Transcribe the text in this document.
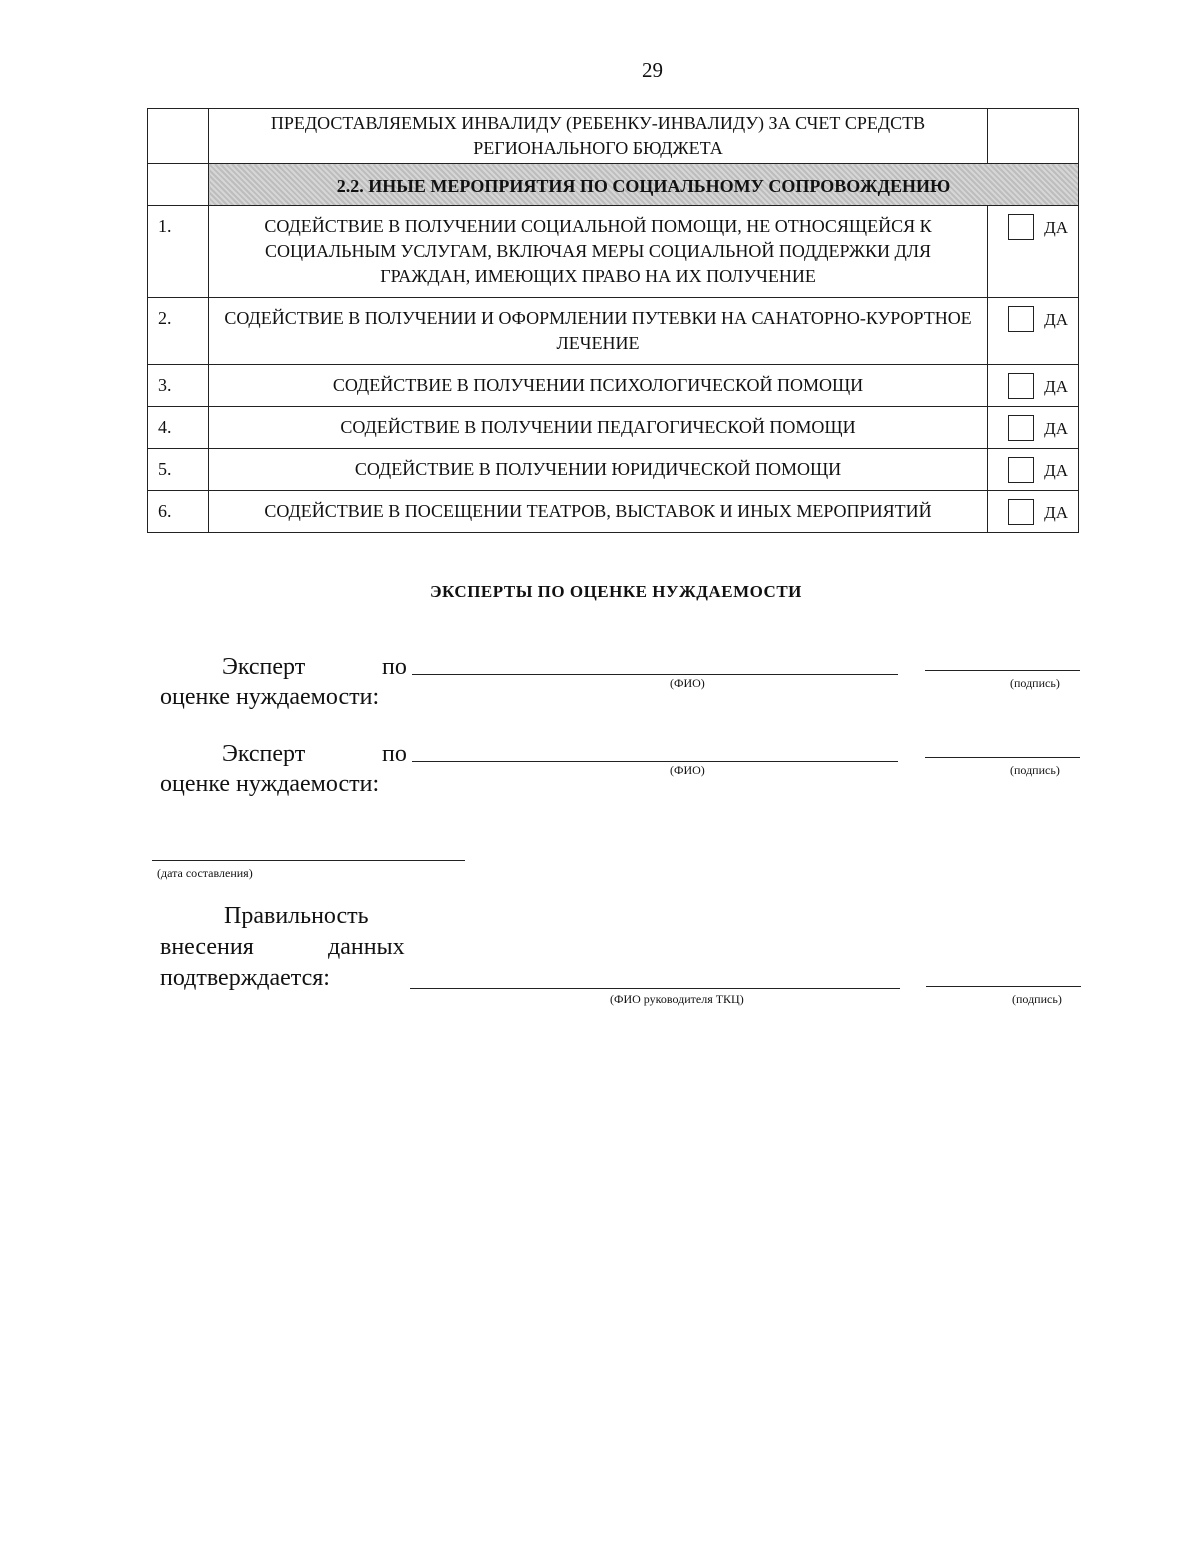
29
	ПРЕДОСТАВЛЯЕМЫХ ИНВАЛИДУ (РЕБЕНКУ-ИНВАЛИДУ) ЗА СЧЕТ СРЕДСТВ РЕГИОНАЛЬНОГО БЮДЖЕТА	
	2.2. ИНЫЕ МЕРОПРИЯТИЯ ПО СОЦИАЛЬНОМУ СОПРОВОЖДЕНИЮ	
1.	СОДЕЙСТВИЕ В ПОЛУЧЕНИИ СОЦИАЛЬНОЙ ПОМОЩИ, НЕ ОТНОСЯЩЕЙСЯ К СОЦИАЛЬНЫМ УСЛУГАМ, ВКЛЮЧАЯ МЕРЫ СОЦИАЛЬНОЙ ПОДДЕРЖКИ ДЛЯ ГРАЖДАН, ИМЕЮЩИХ ПРАВО НА ИХ ПОЛУЧЕНИЕ	ДА

2.	СОДЕЙСТВИЕ В ПОЛУЧЕНИИ И ОФОРМЛЕНИИ ПУТЕВКИ НА САНАТОРНО-КУРОРТНОЕ ЛЕЧЕНИЕ	ДА

3.	СОДЕЙСТВИЕ В ПОЛУЧЕНИИ ПСИХОЛОГИЧЕСКОЙ ПОМОЩИ	ДА

4.	СОДЕЙСТВИЕ В ПОЛУЧЕНИИ ПЕДАГОГИЧЕСКОЙ ПОМОЩИ	ДА

5.	СОДЕЙСТВИЕ В ПОЛУЧЕНИИ ЮРИДИЧЕСКОЙ ПОМОЩИ	ДА

6.	СОДЕЙСТВИЕ В ПОСЕЩЕНИИ ТЕАТРОВ, ВЫСТАВОК И ИНЫХ МЕРОПРИЯТИЙ	ДА
ЭКСПЕРТЫ ПО ОЦЕНКЕ НУЖДАЕМОСТИ
Эксперт	по
оценке нуждаемости:
(ФИО)	(подпись)
Эксперт	по
оценке нуждаемости:
(ФИО)	(подпись)
(дата составления)
Правильность
внесения	данных
подтверждается:
(ФИО руководителя ТКЦ)	(подпись)
